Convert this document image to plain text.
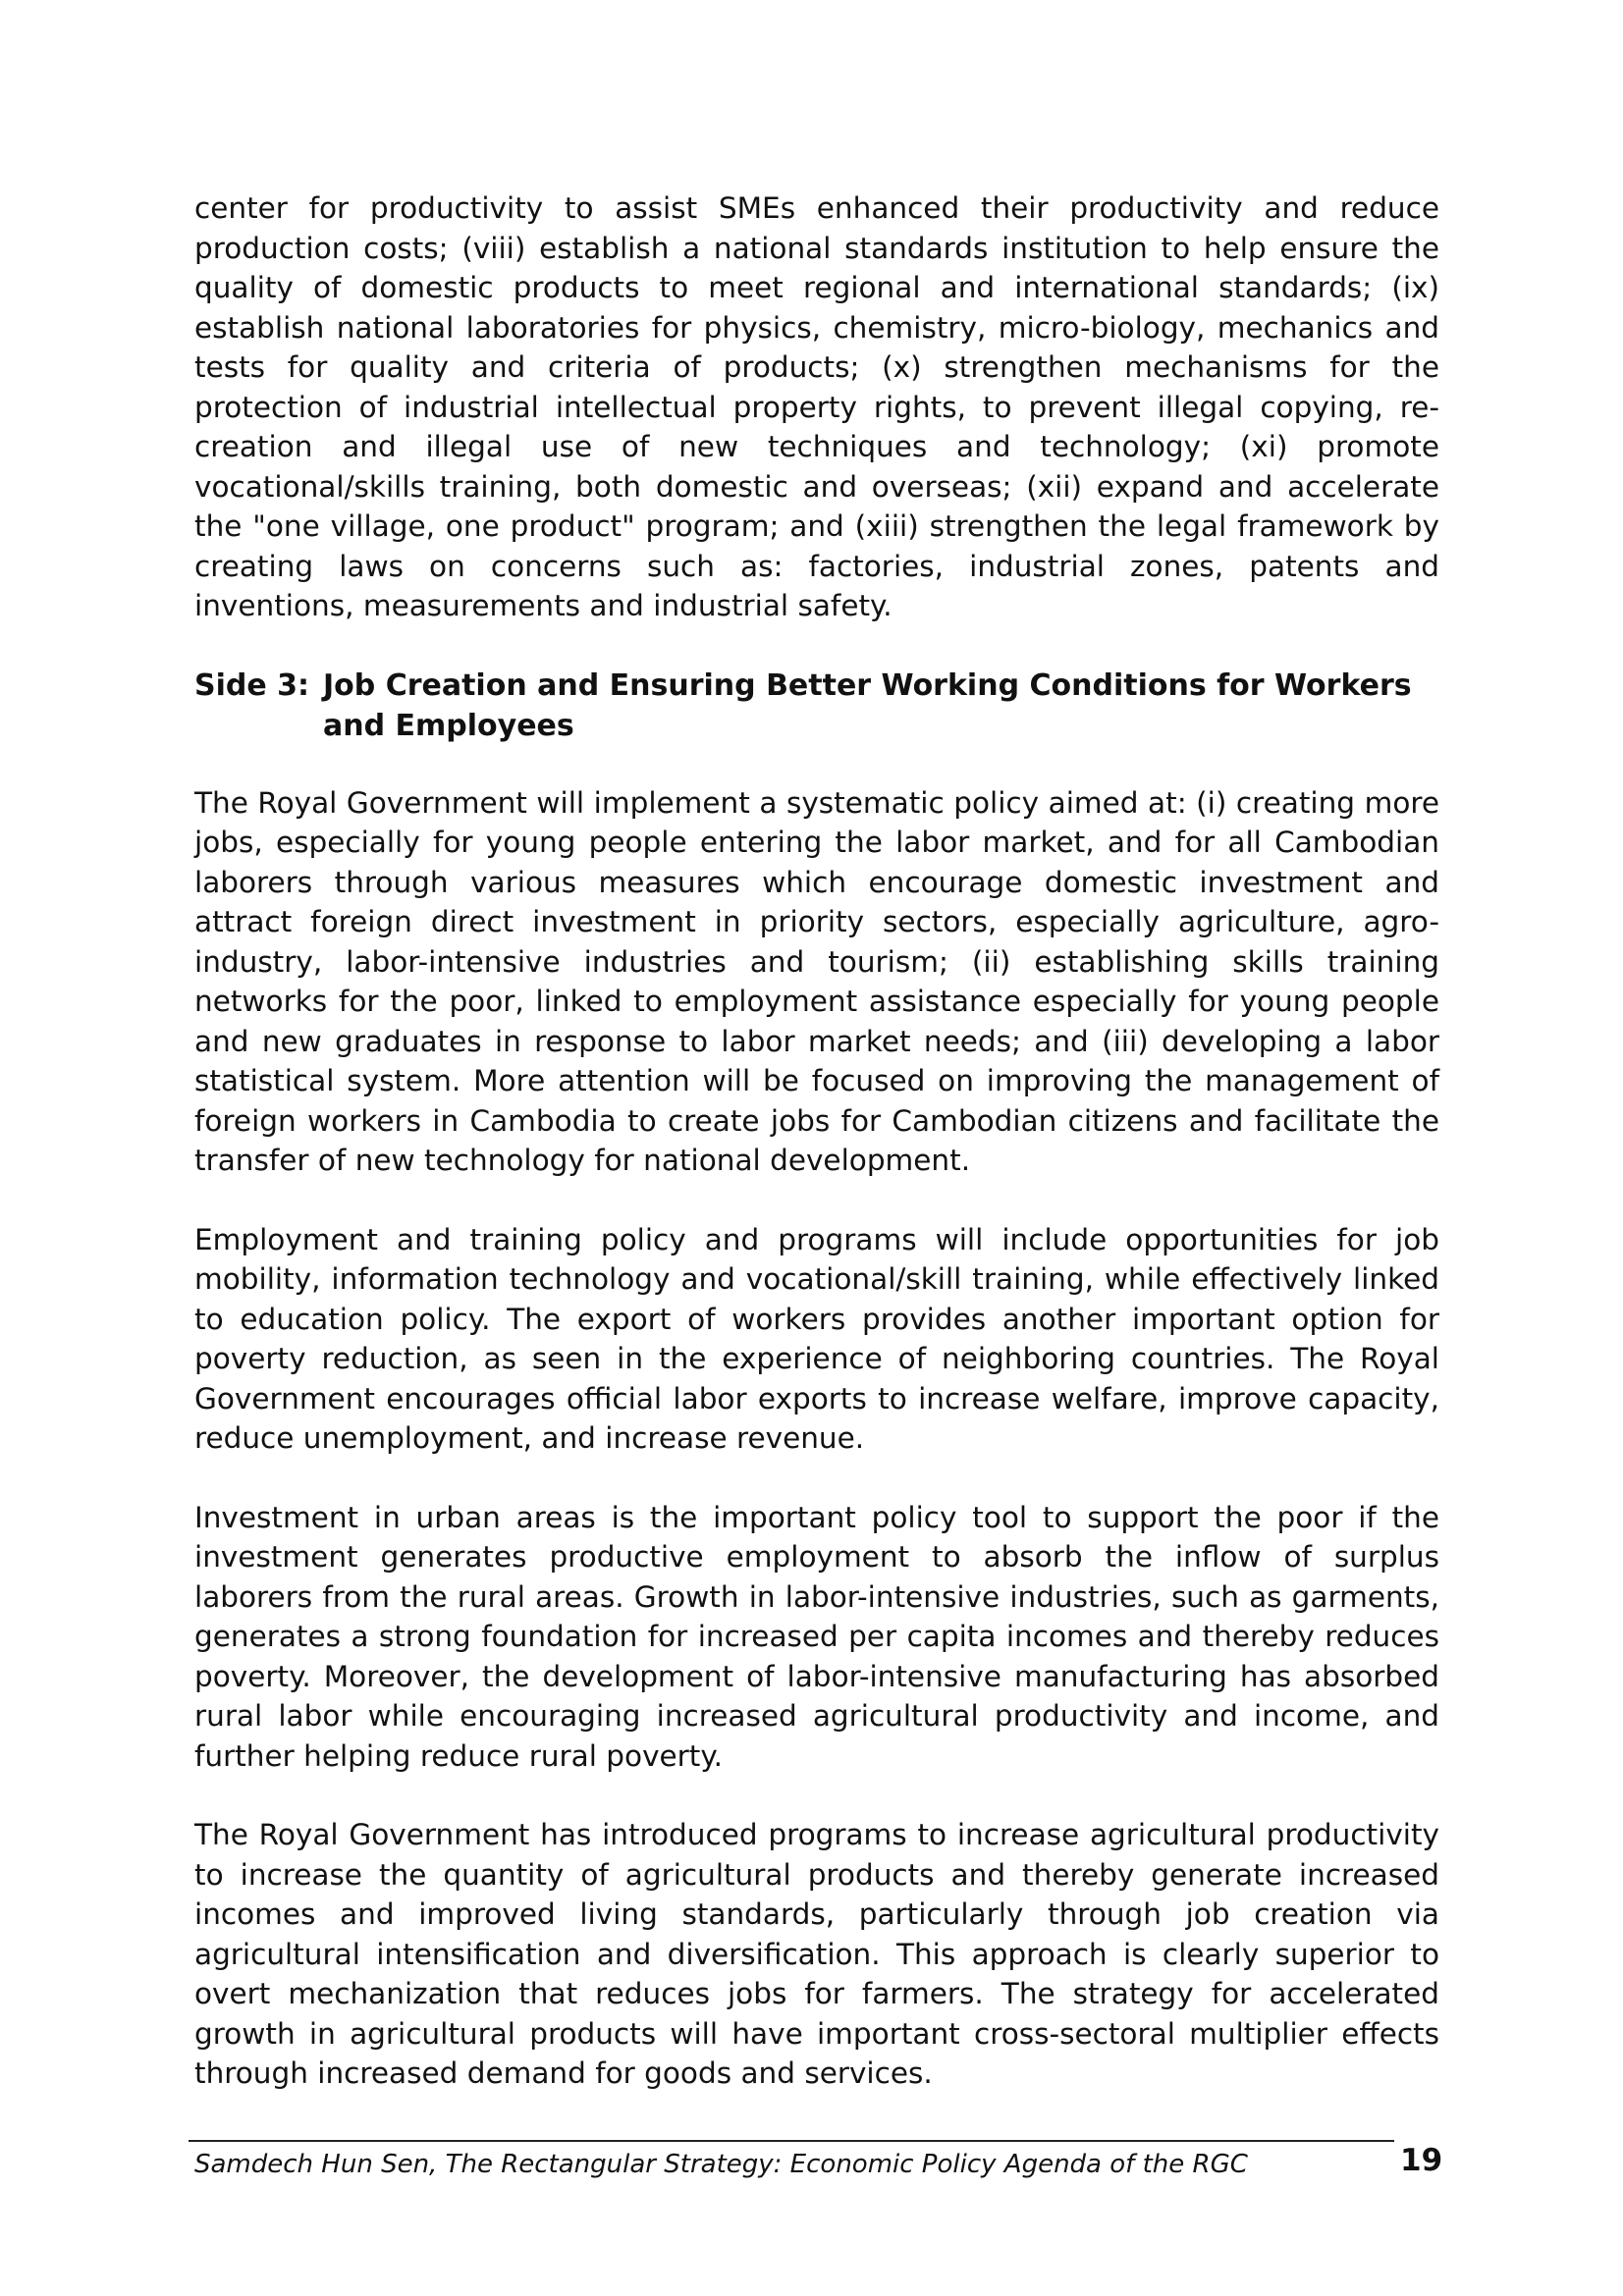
center for productivity to assist SMEs enhanced their productivity and reduce production costs; (viii) establish a national standards institution to help ensure the quality of domestic products to meet regional and international standards; (ix) establish national laboratories for physics, chemistry, micro-biology, mechanics and tests for quality and criteria of products; (x) strengthen mechanisms for the protection of industrial intellectual property rights, to prevent illegal copying, re-creation and illegal use of new techniques and technology; (xi) promote vocational/skills training, both domestic and overseas; (xii) expand and accelerate the "one village, one product" program; and (xiii) strengthen the legal framework by creating laws on concerns such as: factories, industrial zones, patents and inventions, measurements and industrial safety.

Side 3: Job Creation and Ensuring Better Working Conditions for Workers and Employees

The Royal Government will implement a systematic policy aimed at: (i) creating more jobs, especially for young people entering the labor market, and for all Cambodian laborers through various measures which encourage domestic investment and attract foreign direct investment in priority sectors, especially agriculture, agro-industry, labor-intensive industries and tourism; (ii) establishing skills training networks for the poor, linked to employment assistance especially for young people and new graduates in response to labor market needs; and (iii) developing a labor statistical system. More attention will be focused on improving the management of foreign workers in Cambodia to create jobs for Cambodian citizens and facilitate the transfer of new technology for national development.

Employment and training policy and programs will include opportunities for job mobility, information technology and vocational/skill training, while effectively linked to education policy. The export of workers provides another important option for poverty reduction, as seen in the experience of neighboring countries. The Royal Government encourages official labor exports to increase welfare, improve capacity, reduce unemployment, and increase revenue.

Investment in urban areas is the important policy tool to support the poor if the investment generates productive employment to absorb the inflow of surplus laborers from the rural areas. Growth in labor-intensive industries, such as garments, generates a strong foundation for increased per capita incomes and thereby reduces poverty. Moreover, the development of labor-intensive manufacturing has absorbed rural labor while encouraging increased agricultural productivity and income, and further helping reduce rural poverty.

The Royal Government has introduced programs to increase agricultural productivity to increase the quantity of agricultural products and thereby generate increased incomes and improved living standards, particularly through job creation via agricultural intensification and diversification. This approach is clearly superior to overt mechanization that reduces jobs for farmers. The strategy for accelerated growth in agricultural products will have important cross-sectoral multiplier effects through increased demand for goods and services.

Samdech Hun Sen, The Rectangular Strategy: Economic Policy Agenda of the RGC	19
